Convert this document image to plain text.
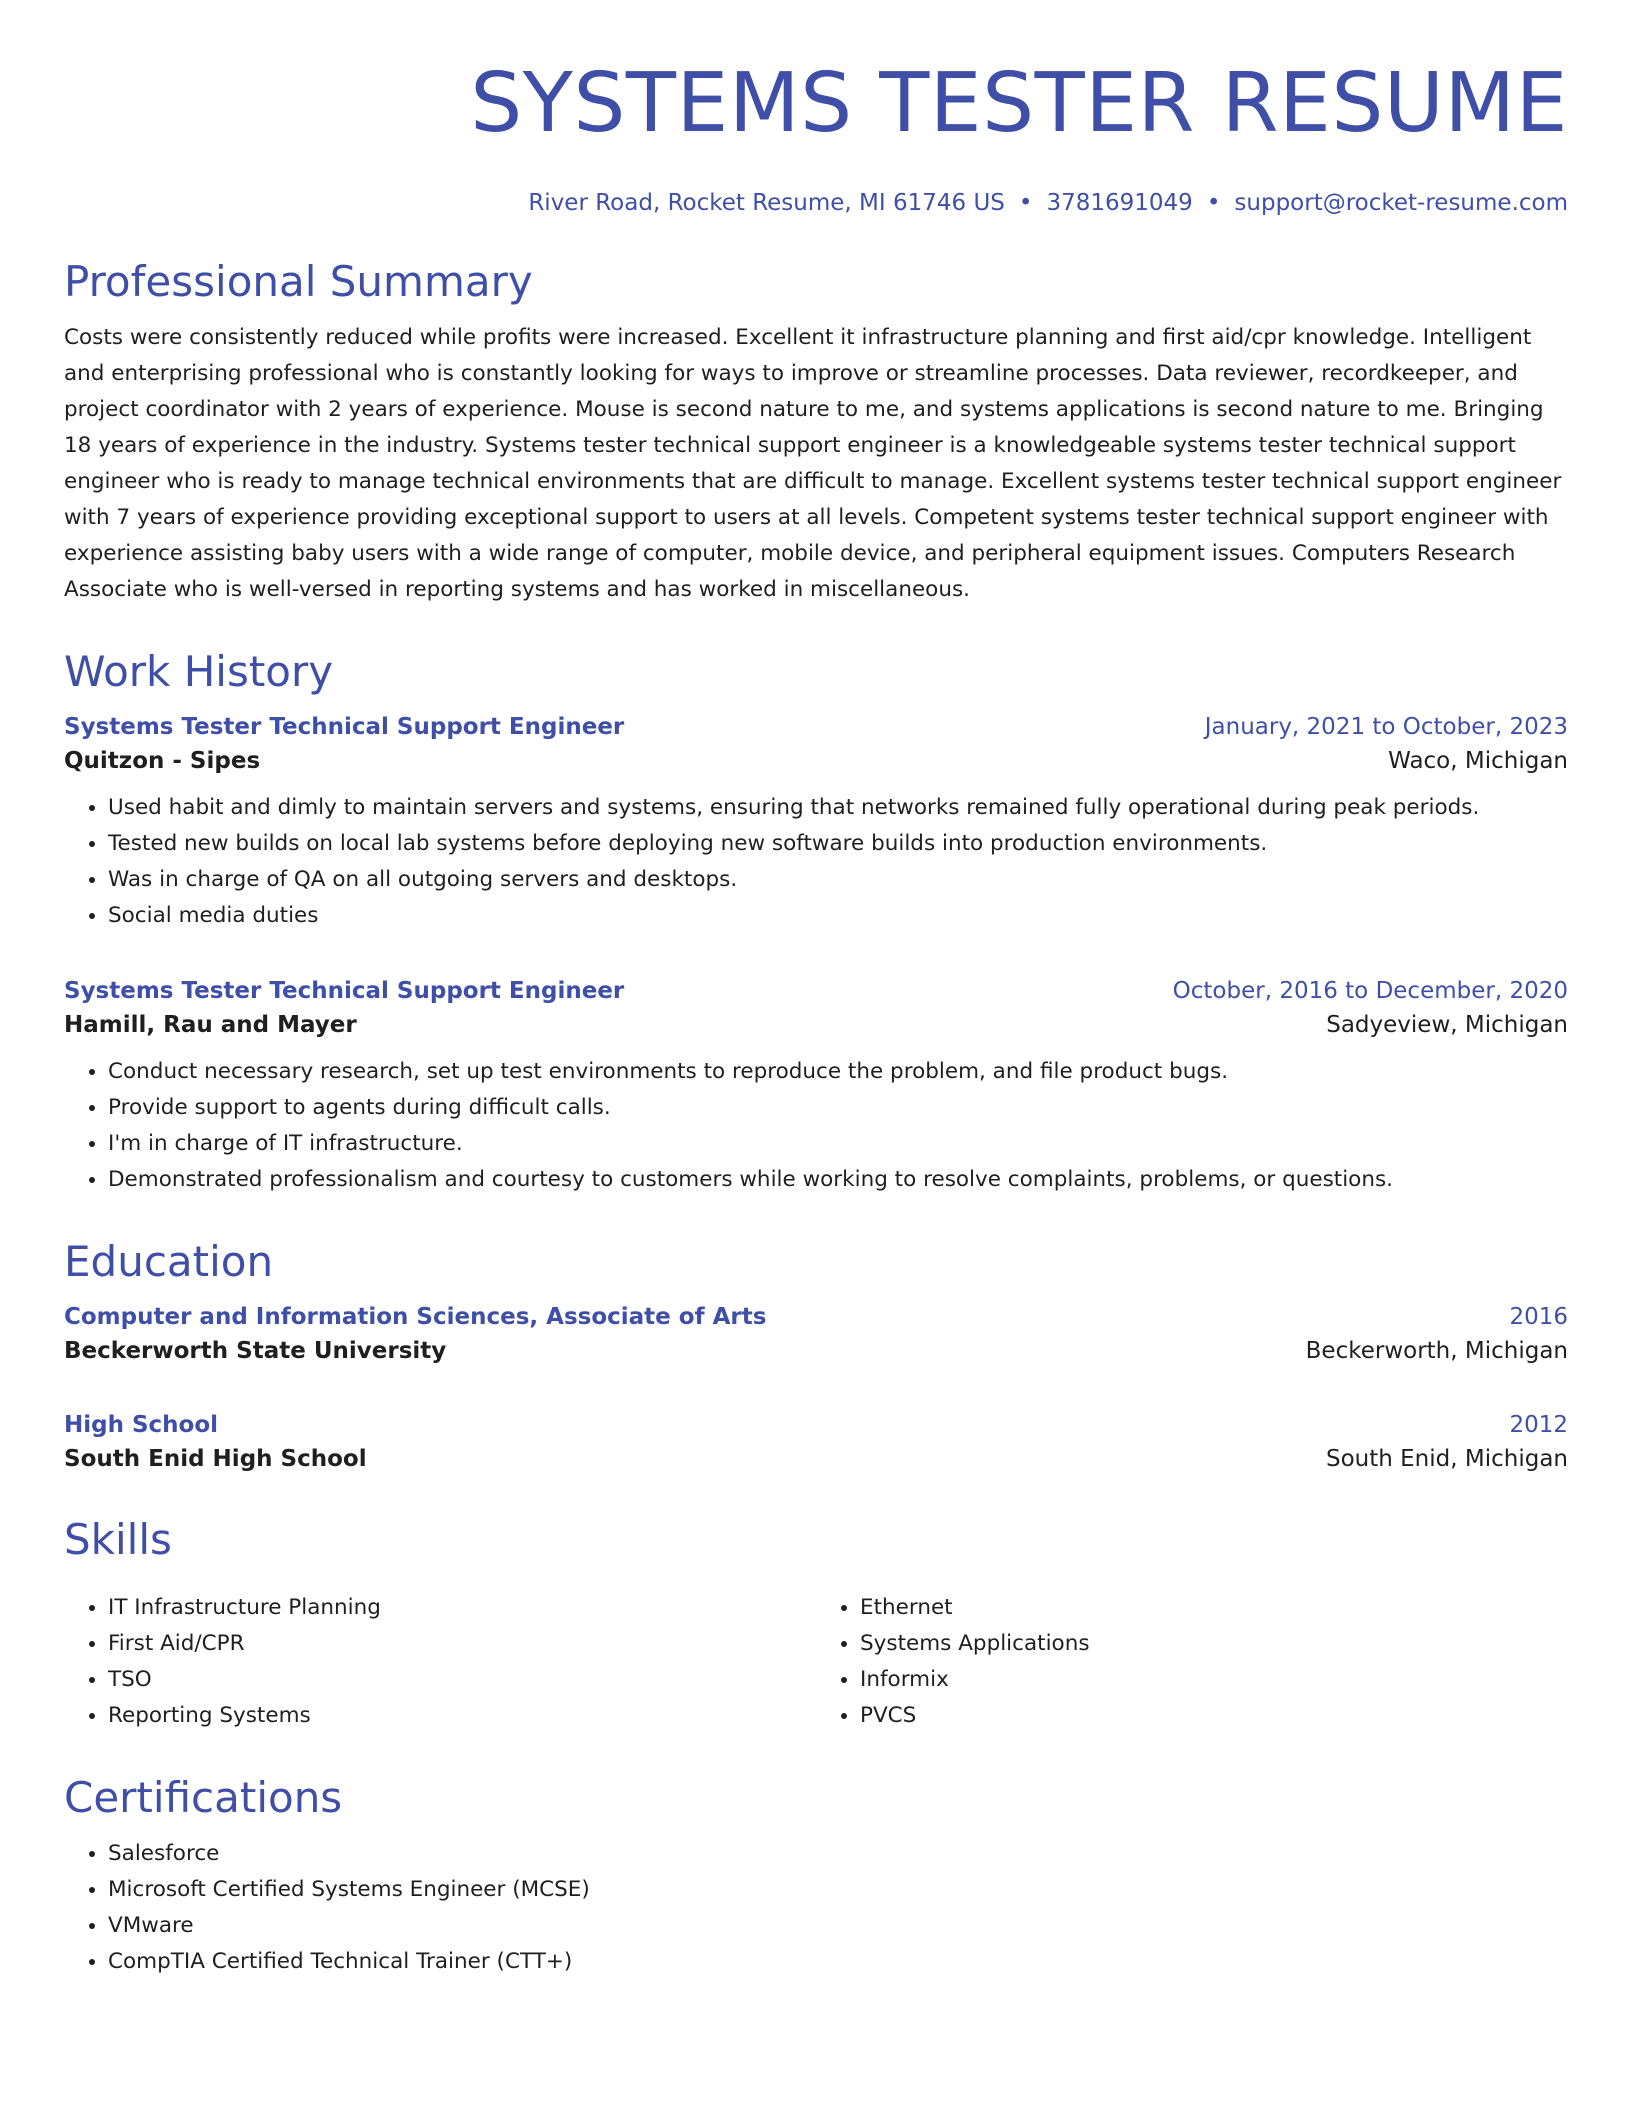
SYSTEMS TESTER RESUME
River Road, Rocket Resume, MI 61746 US • 3781691049 • support@rocket-resume.com
Professional Summary

Costs were consistently reduced while profits were increased. Excellent it infrastructure planning and first aid/cpr knowledge. Intelligent and enterprising professional who is constantly looking for ways to improve or streamline processes. Data reviewer, recordkeeper, and project coordinator with 2 years of experience. Mouse is second nature to me, and systems applications is second nature to me. Bringing 18 years of experience in the industry. Systems tester technical support engineer is a knowledgeable systems tester technical support engineer who is ready to manage technical environments that are difficult to manage. Excellent systems tester technical support engineer with 7 years of experience providing exceptional support to users at all levels. Competent systems tester technical support engineer with experience assisting baby users with a wide range of computer, mobile device, and peripheral equipment issues. Computers Research Associate who is well-versed in reporting systems and has worked in miscellaneous.

Work History
Systems Tester Technical Support Engineer	January, 2021 to October, 2023
Quitzon - Sipes	Waco, Michigan
• Used habit and dimly to maintain servers and systems, ensuring that networks remained fully operational during peak periods.
• Tested new builds on local lab systems before deploying new software builds into production environments.
• Was in charge of QA on all outgoing servers and desktops.
• Social media duties
Systems Tester Technical Support Engineer	October, 2016 to December, 2020
Hamill, Rau and Mayer	Sadyeview, Michigan
• Conduct necessary research, set up test environments to reproduce the problem, and file product bugs.
• Provide support to agents during difficult calls.
• I'm in charge of IT infrastructure.
• Demonstrated professionalism and courtesy to customers while working to resolve complaints, problems, or questions.
Education
Computer and Information Sciences, Associate of Arts	2016
Beckerworth State University	Beckerworth, Michigan
High School	2012
South Enid High School	South Enid, Michigan
Skills
• IT Infrastructure Planning
• First Aid/CPR
• TSO
• Reporting Systems
• Ethernet
• Systems Applications
• Informix
• PVCS
Certifications
• Salesforce
• Microsoft Certified Systems Engineer (MCSE)
• VMware
• CompTIA Certified Technical Trainer (CTT+)
